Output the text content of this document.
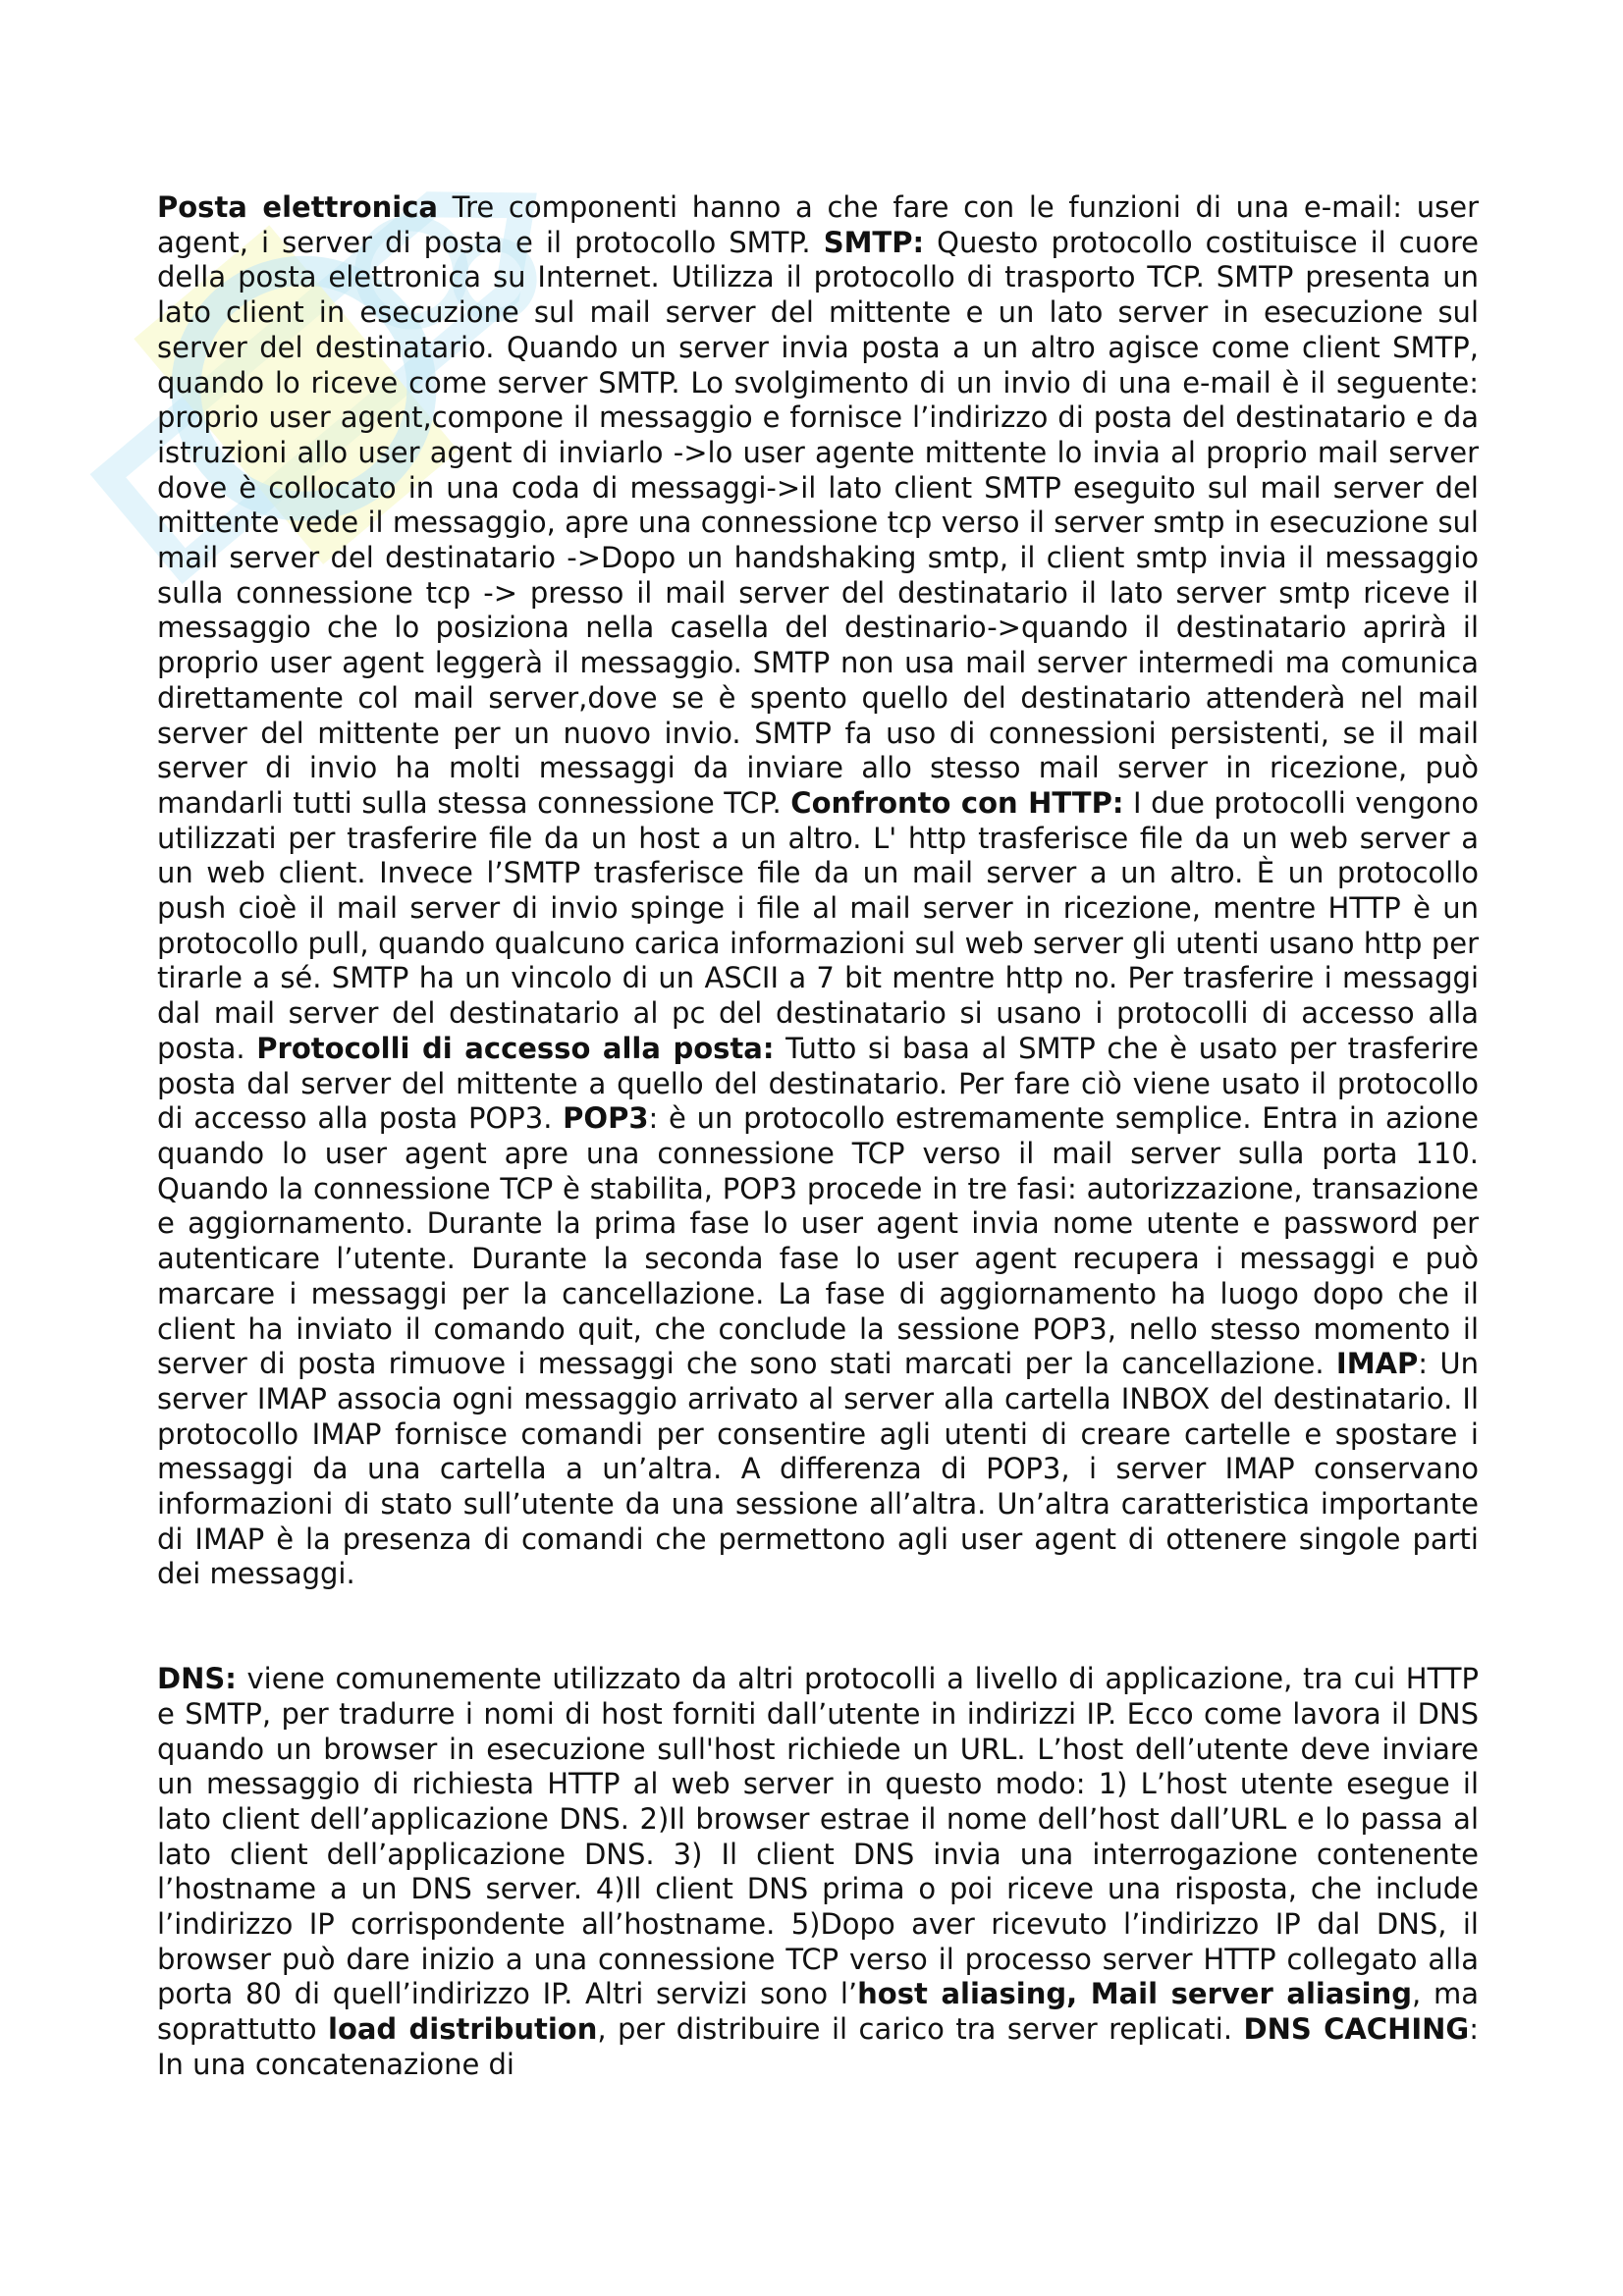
Posta elettronica Tre componenti hanno a che fare con le funzioni di una e-mail: user agent, i server di posta e il protocollo SMTP. SMTP: Questo protocollo costituisce il cuore della posta elettronica su Internet. Utilizza il protocollo di trasporto TCP. SMTP presenta un lato client in esecuzione sul mail server del mittente e un lato server in esecuzione sul server del destinatario. Quando un server invia posta a un altro agisce come client SMTP, quando lo riceve come server SMTP. Lo svolgimento di un invio di una e-mail è il seguente: proprio user agent,compone il messaggio e fornisce l’indirizzo di posta del destinatario e da istruzioni allo user agent di inviarlo ->lo user agente mittente lo invia al proprio mail server dove è collocato in una coda di messaggi->il lato client SMTP eseguito sul mail server del mittente vede il messaggio, apre una connessione tcp verso il server smtp in esecuzione sul mail server del destinatario ->Dopo un handshaking smtp, il client smtp invia il messaggio sulla connessione tcp -> presso il mail server del destinatario il lato server smtp riceve il messaggio che lo posiziona nella casella del destinario->quando il destinatario aprirà il proprio user agent leggerà il messaggio. SMTP non usa mail server intermedi ma comunica direttamente col mail server,dove se è spento quello del destinatario attenderà nel mail server del mittente per un nuovo invio. SMTP fa uso di connessioni persistenti, se il mail server di invio ha molti messaggi da inviare allo stesso mail server in ricezione, può mandarli tutti sulla stessa connessione TCP. Confronto con HTTP: I due protocolli vengono utilizzati per trasferire file da un host a un altro. L' http trasferisce file da un web server a un web client. Invece l’SMTP trasferisce file da un mail server a un altro. È un protocollo push cioè il mail server di invio spinge i file al mail server in ricezione, mentre HTTP è un protocollo pull, quando qualcuno carica informazioni sul web server gli utenti usano http per tirarle a sé. SMTP ha un vincolo di un ASCII a 7 bit mentre http no. Per trasferire i messaggi dal mail server del destinatario al pc del destinatario si usano i protocolli di accesso alla posta. Protocolli di accesso alla posta: Tutto si basa al SMTP che è usato per trasferire posta dal server del mittente a quello del destinatario. Per fare ciò viene usato il protocollo di accesso alla posta POP3. POP3: è un protocollo estremamente semplice. Entra in azione quando lo user agent apre una connessione TCP verso il mail server sulla porta 110. Quando la connessione TCP è stabilita, POP3 procede in tre fasi: autorizzazione, transazione e aggiornamento. Durante la prima fase lo user agent invia nome utente e password per autenticare l’utente. Durante la seconda fase lo user agent recupera i messaggi e può marcare i messaggi per la cancellazione. La fase di aggiornamento ha luogo dopo che il client ha inviato il comando quit, che conclude la sessione POP3, nello stesso momento il server di posta rimuove i messaggi che sono stati marcati per la cancellazione. IMAP: Un server IMAP associa ogni messaggio arrivato al server alla cartella INBOX del destinatario. Il protocollo IMAP fornisce comandi per consentire agli utenti di creare cartelle e spostare i messaggi da una cartella a un’altra. A differenza di POP3, i server IMAP conservano informazioni di stato sull’utente da una sessione all’altra. Un’altra caratteristica importante di IMAP è la presenza di comandi che permettono agli user agent di ottenere singole parti dei messaggi.

DNS: viene comunemente utilizzato da altri protocolli a livello di applicazione, tra cui HTTP e SMTP, per tradurre i nomi di host forniti dall’utente in indirizzi IP. Ecco come lavora il DNS quando un browser in esecuzione sull'host richiede un URL. L’host dell’utente deve inviare un messaggio di richiesta HTTP al web server in questo modo: 1) L’host utente esegue il lato client dell’applicazione DNS. 2)Il browser estrae il nome dell’host dall’URL e lo passa al lato client dell’applicazione DNS. 3) Il client DNS invia una interrogazione contenente l’hostname a un DNS server. 4)Il client DNS prima o poi riceve una risposta, che include l’indirizzo IP corrispondente all’hostname. 5)Dopo aver ricevuto l’indirizzo IP dal DNS, il browser può dare inizio a una connessione TCP verso il processo server HTTP collegato alla porta 80 di quell’indirizzo IP. Altri servizi sono l’host aliasing, Mail server aliasing, ma soprattutto load distribution, per distribuire il carico tra server replicati. DNS CACHING: In una concatenazione di
